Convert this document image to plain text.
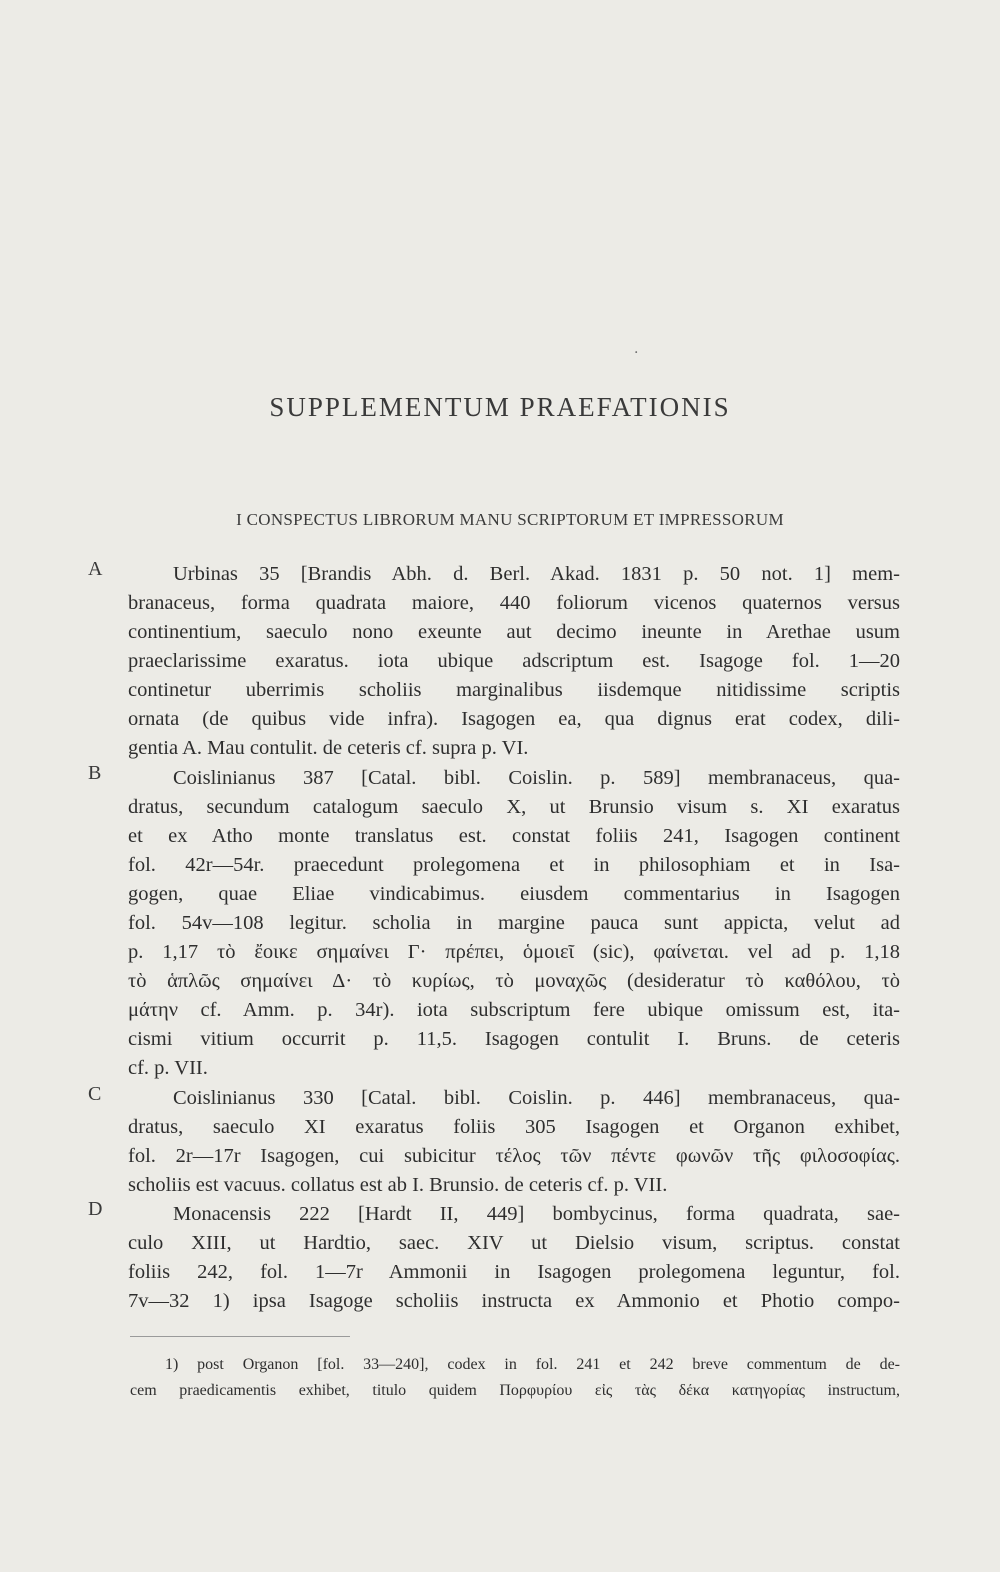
·
SUPPLEMENTUM PRAEFATIONIS
I CONSPECTUS LIBRORUM MANU SCRIPTORUM ET IMPRESSORUM
A	Urbinas 35 [Brandis Abh. d. Berl. Akad. 1831 p. 50 not. 1] mem-
branaceus, forma quadrata maiore, 440 foliorum vicenos quaternos versus
continentium, saeculo nono exeunte aut decimo ineunte in Arethae usum
praeclarissime exaratus. iota ubique adscriptum est. Isagoge fol. 1—20
continetur uberrimis scholiis marginalibus iisdemque nitidissime scriptis
ornata (de quibus vide infra). Isagogen ea, qua dignus erat codex, dili-
gentia A. Mau contulit. de ceteris cf. supra p. VI.
B	Coislinianus 387 [Catal. bibl. Coislin. p. 589] membranaceus, qua-
dratus, secundum catalogum saeculo X, ut Brunsio visum s. XI exaratus
et ex Atho monte translatus est. constat foliis 241, Isagogen continent
fol. 42r—54r. praecedunt prolegomena et in philosophiam et in Isa-
gogen, quae Eliae vindicabimus. eiusdem commentarius in Isagogen
fol. 54v—108 legitur. scholia in margine pauca sunt appicta, velut ad
p. 1,17 τὸ ἔοικε σημαίνει Γ· πρέπει, ὁμοιεῖ (sic), φαίνεται. vel ad p. 1,18
τὸ ἁπλῶς σημαίνει Δ· τὸ κυρίως, τὸ μοναχῶς (desideratur τὸ καθόλου, τὸ
μάτην cf. Amm. p. 34r). iota subscriptum fere ubique omissum est, ita-
cismi vitium occurrit p. 11,5. Isagogen contulit I. Bruns. de ceteris
cf. p. VII.
C	Coislinianus 330 [Catal. bibl. Coislin. p. 446] membranaceus, qua-
dratus, saeculo XI exaratus foliis 305 Isagogen et Organon exhibet,
fol. 2r—17r Isagogen, cui subicitur τέλος τῶν πέντε φωνῶν τῆς φιλοσοφίας.
scholiis est vacuus. collatus est ab I. Brunsio. de ceteris cf. p. VII.
D	Monacensis 222 [Hardt II, 449] bombycinus, forma quadrata, sae-
culo XIII, ut Hardtio, saec. XIV ut Dielsio visum, scriptus. constat
foliis 242, fol. 1—7r Ammonii in Isagogen prolegomena leguntur, fol.
7v—32 1) ipsa Isagoge scholiis instructa ex Ammonio et Photio compo-
1) post Organon [fol. 33—240], codex in fol. 241 et 242 breve commentum de de-
cem praedicamentis exhibet, titulo quidem Πορφυρίου εἰς τὰς δέκα κατηγορίας instructum,
